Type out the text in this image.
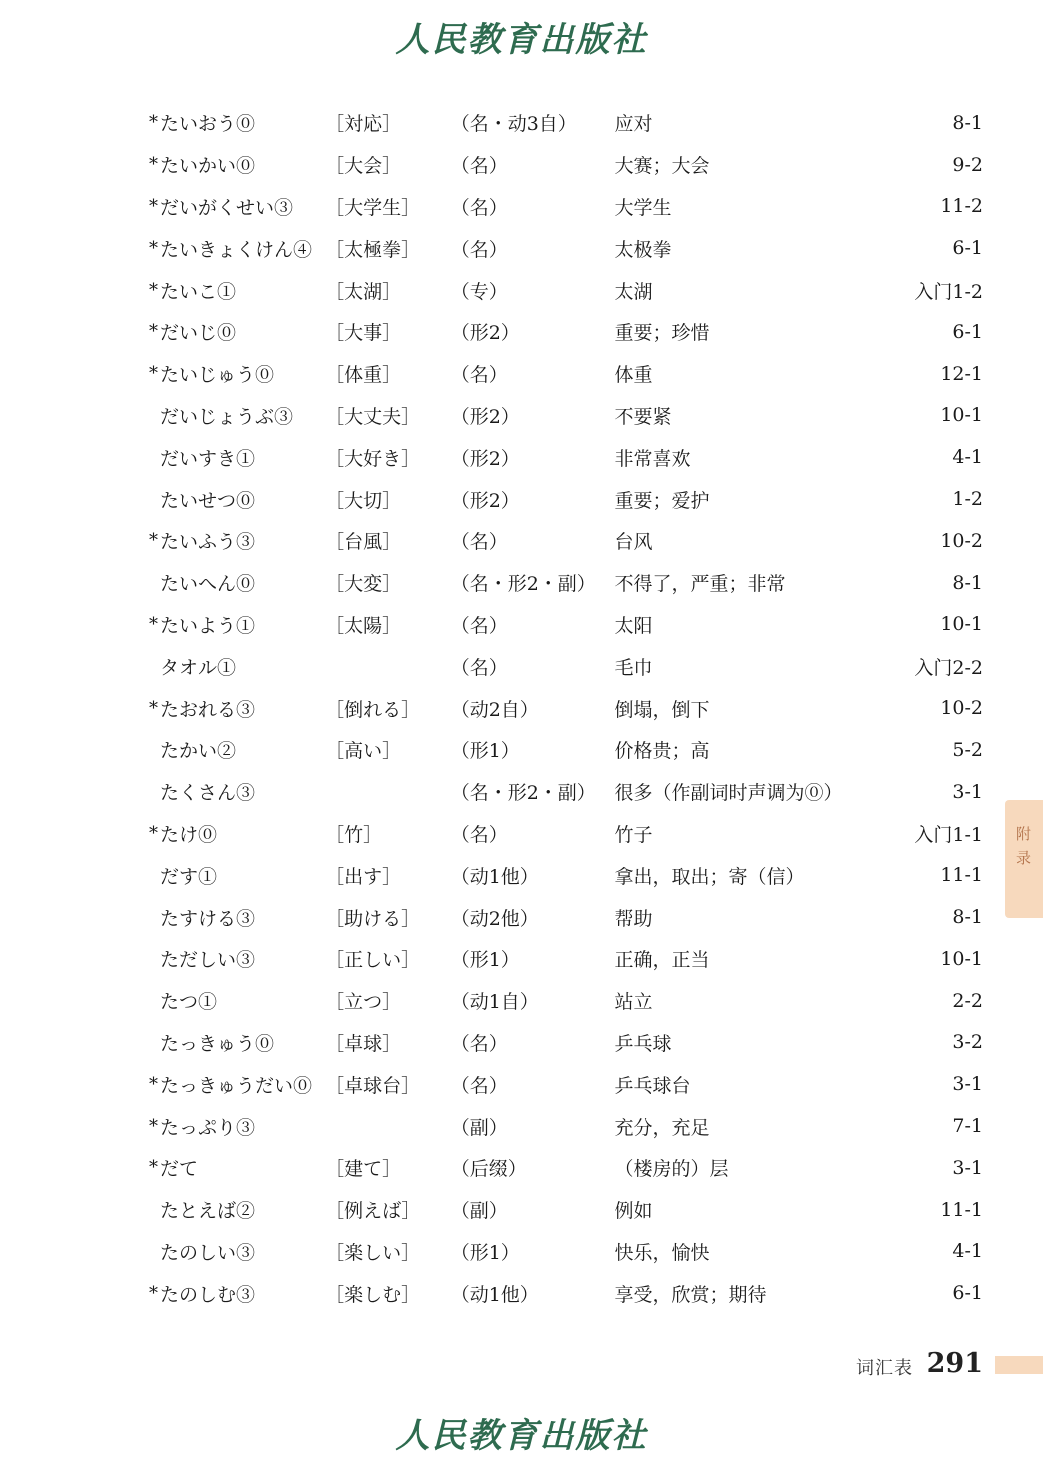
人民教育出版社
附 录
*	たいおう⓪	［対応］	（名・动3自）	应对	8-1
*	たいかい⓪	［大会］	（名）	大赛；大会	9-2
*	だいがくせい③	［大学生］	（名）	大学生	11-2
*	たいきょくけん④	［太極拳］	（名）	太极拳	6-1
*	たいこ①	［太湖］	（专）	太湖	入门1-2
*	だいじ⓪	［大事］	（形2）	重要；珍惜	6-1
*	たいじゅう⓪	［体重］	（名）	体重	12-1
	だいじょうぶ③	［大丈夫］	（形2）	不要紧	10-1
	だいすき①	［大好き］	（形2）	非常喜欢	4-1
	たいせつ⓪	［大切］	（形2）	重要；爱护	1-2
*	たいふう③	［台風］	（名）	台风	10-2
	たいへん⓪	［大変］	（名・形2・副）	不得了，严重；非常	8-1
*	たいよう①	［太陽］	（名）	太阳	10-1
	タオル①		（名）	毛巾	入门2-2
*	たおれる③	［倒れる］	（动2自）	倒塌，倒下	10-2
	たかい②	［高い］	（形1）	价格贵；高	5-2
	たくさん③		（名・形2・副）	很多（作副词时声调为⓪）	3-1
*	たけ⓪	［竹］	（名）	竹子	入门1-1
	だす①	［出す］	（动1他）	拿出，取出；寄（信）	11-1
	たすける③	［助ける］	（动2他）	帮助	8-1
	ただしい③	［正しい］	（形1）	正确，正当	10-1
	たつ①	［立つ］	（动1自）	站立	2-2
	たっきゅう⓪	［卓球］	（名）	乒乓球	3-2
*	たっきゅうだい⓪	［卓球台］	（名）	乒乓球台	3-1
*	たっぷり③		（副）	充分，充足	7-1
*	だて	［建て］	（后缀）	（楼房的）层	3-1
	たとえば②	［例えば］	（副）	例如	11-1
	たのしい③	［楽しい］	（形1）	快乐，愉快	4-1
*	たのしむ③	［楽しむ］	（动1他）	享受，欣赏；期待	6-1
词汇表 291
人民教育出版社
